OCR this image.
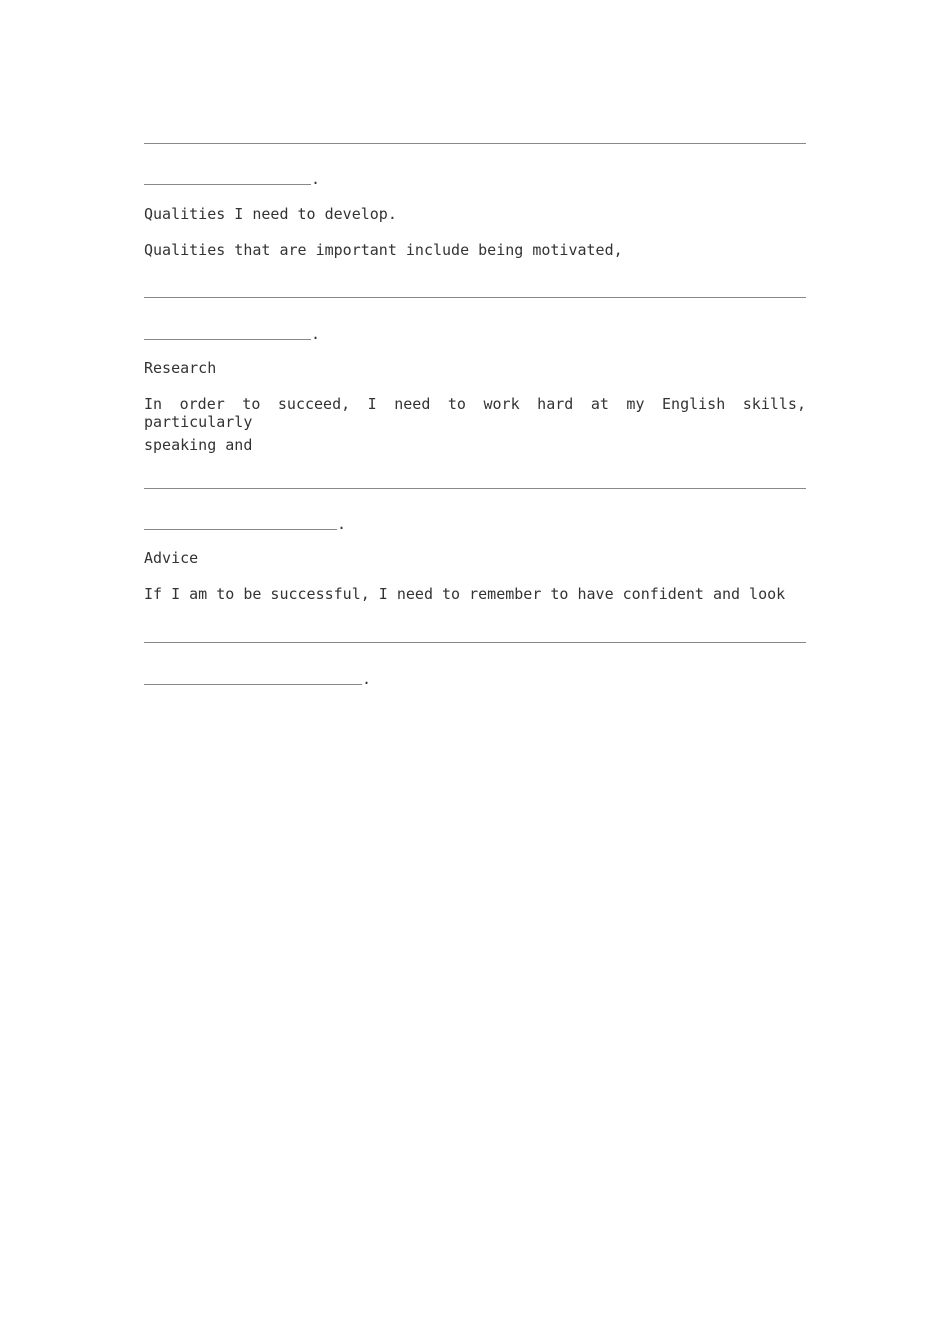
.
Qualities I need to develop.
Qualities that are important include being motivated,
.
Research
In order to succeed, I need to work hard at my English skills, particularly
speaking and
.
Advice
If I am to be successful, I need to remember to have confident and look
.
